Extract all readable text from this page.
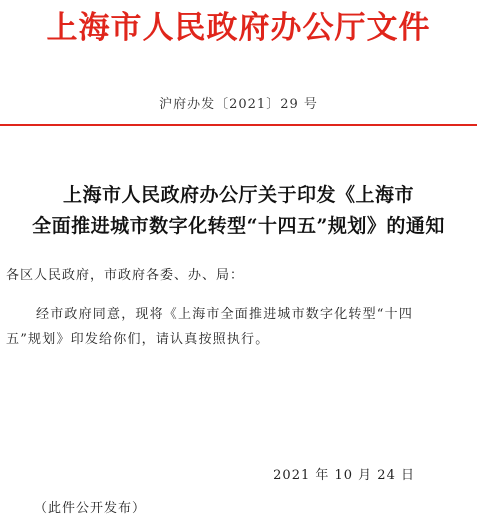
上海市人民政府办公厅文件
沪府办发〔2021〕29 号
上海市人民政府办公厅关于印发《上海市
全面推进城市数字化转型“十四五”规划》的通知
各区人民政府，市政府各委、办、局：
经市政府同意，现将《上海市全面推进城市数字化转型“十四
五”规划》印发给你们，请认真按照执行。
2021 年 10 月 24 日
（此件公开发布）
